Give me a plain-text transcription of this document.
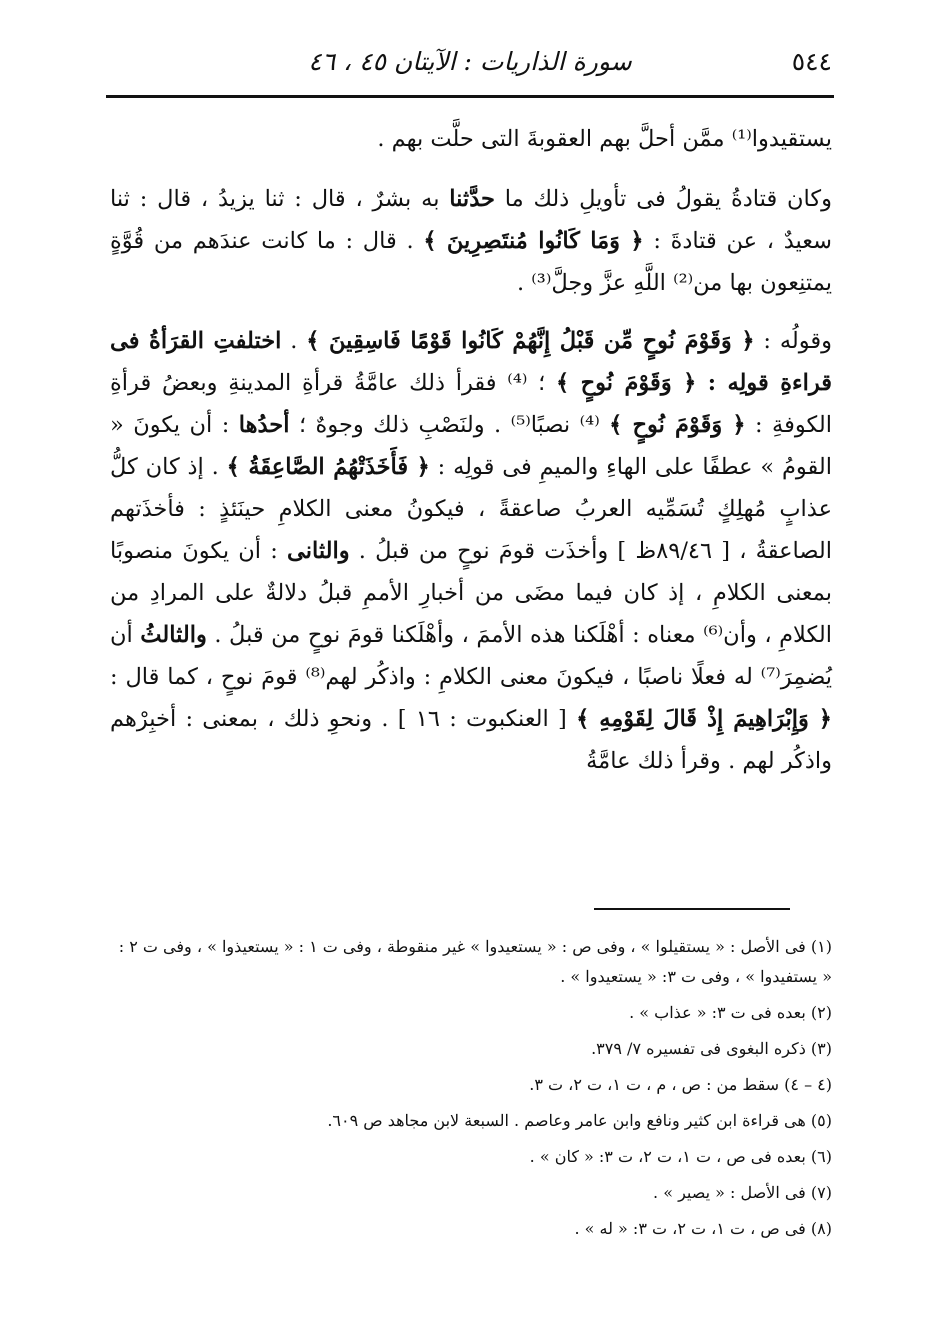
٥٤٤
سورة الذاريات : الآيتان ٤٥ ، ٤٦

يستقيدوا⁽¹⁾ ممَّن أحلَّ بهم العقوبةَ التى حلَّت بهم .

وكان قتادةُ يقولُ فى تأويلِ ذلك ما حدَّثنا به بشرٌ ، قال : ثنا يزيدُ ، قال : ثنا سعيدٌ ، عن قتادةَ : ﴿ وَمَا كَانُوا مُنتَصِرِينَ ﴾ . قال : ما كانت عندَهم من قُوَّةٍ يمتنِعون بها من⁽²⁾ اللَّهِ عزَّ وجلَّ⁽³⁾ .

وقولُه : ﴿ وَقَوْمَ نُوحٍ مِّن قَبْلُ إِنَّهُمْ كَانُوا قَوْمًا فَاسِقِينَ ﴾ . اختلفتِ القرَأةُ فى قراءةِ قولِه : ﴿ وَقَوْمَ نُوحٍ ﴾ ؛ ⁽⁴⁾ فقرأ ذلك عامَّةُ قرأةِ المدينةِ وبعضُ قرأةِ الكوفةِ : ﴿ وَقَوْمَ نُوحٍ ﴾ ⁽⁴⁾ نصبًا⁽⁵⁾ . ولنَصْبِ ذلك وجوهٌ ؛ أحدُها : أن يكونَ « القومُ » عطفًا على الهاءِ والميمِ فى قولِه : ﴿ فَأَخَذَتْهُمُ الصَّاعِقَةُ ﴾ . إذ كان كلُّ عذابٍ مُهلِكٍ تُسَمِّيه العربُ صاعقةً ، فيكونُ معنى الكلامِ حينَئذٍ : فأخذَتهم الصاعقةُ ، [ ٨٩/٤٦ظ ] وأخذَت قومَ نوحٍ من قبلُ . والثانى : أن يكونَ منصوبًا بمعنى الكلامِ ، إذ كان فيما مضَى من أخبارِ الأممِ قبلُ دلالةٌ على المرادِ من الكلامِ ، وأن⁽⁶⁾ معناه : أهْلَكنا هذه الأممَ ، وأهْلَكنا قومَ نوحٍ من قبلُ . والثالثُ أن يُضمِرَ⁽⁷⁾ له فعلًا ناصبًا ، فيكونَ معنى الكلامِ : واذكُر لهم⁽⁸⁾ قومَ نوحٍ ، كما قال : ﴿ وَإِبْرَاهِيمَ إِذْ قَالَ لِقَوْمِهِ ﴾ [ العنكبوت : ١٦ ] . ونحوِ ذلك ، بمعنى : أخبِرْهم واذكُر لهم . وقرأ ذلك عامَّةُ

(١) فى الأصل : « يستقيلوا » ، وفى ص : « يستعيدوا » غير منقوطة ، وفى ت ١ : « يستعيذوا » ، وفى ت ٢ : « يستفيدوا » ، وفى ت ٣: « يستعيدوا » .
(٢) بعده فى ت ٣: « عذاب » .
(٣) ذكره البغوى فى تفسيره ٧/ ٣٧٩.
(٤ – ٤) سقط من : ص ، م ، ت ١، ت ٢، ت ٣.
(٥) هى قراءة ابن كثير ونافع وابن عامر وعاصم . السبعة لابن مجاهد ص ٦٠٩.
(٦) بعده فى ص ، ت ١، ت ٢، ت ٣: « كان » .
(٧) فى الأصل : « يصير » .
(٨) فى ص ، ت ١، ت ٢، ت ٣: « له » .
